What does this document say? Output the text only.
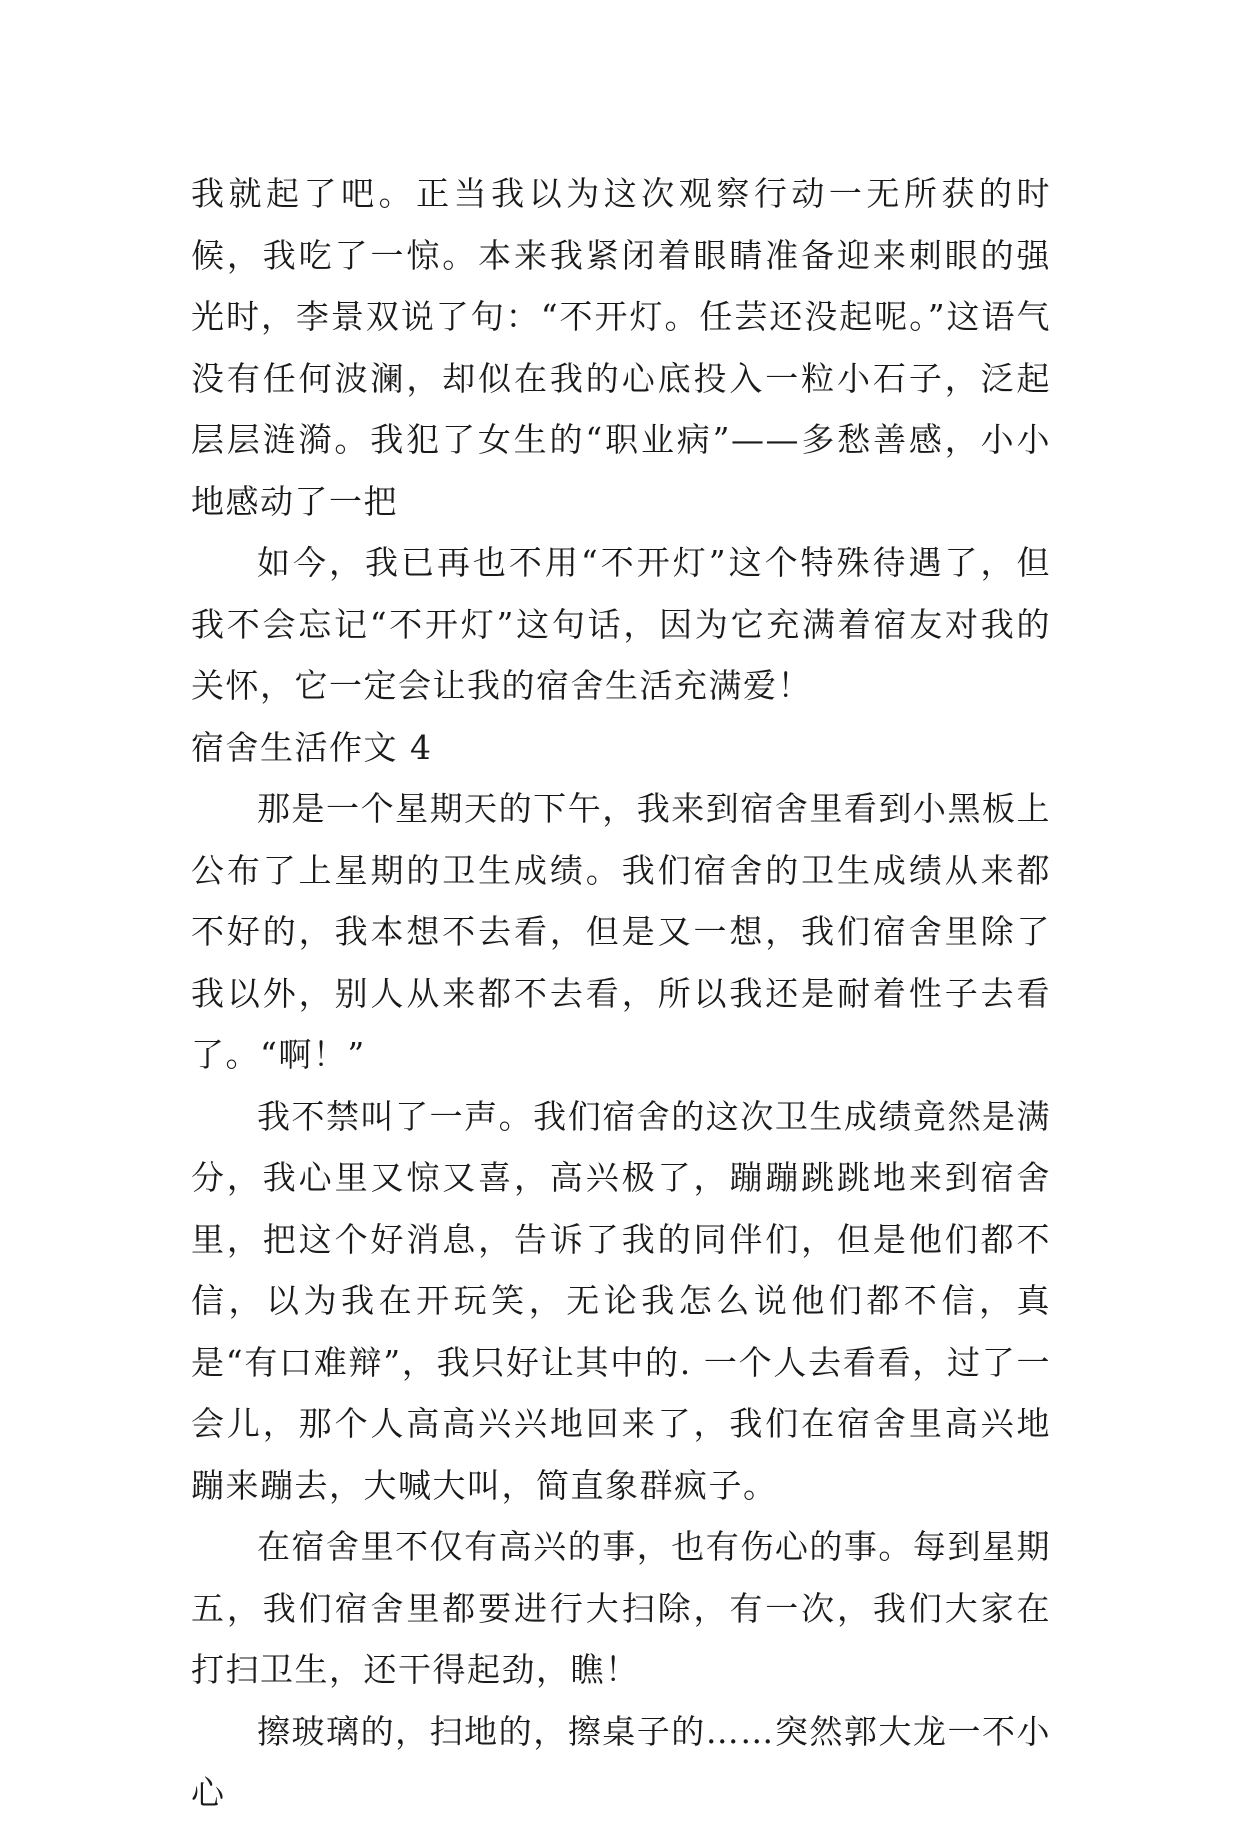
我就起了吧。正当我以为这次观察行动一无所获的时候，我吃了一惊。本来我紧闭着眼睛准备迎来刺眼的强光时，李景双说了句：“不开灯。任芸还没起呢。”这语气没有任何波澜，却似在我的心底投入一粒小石子，泛起层层涟漪。我犯了女生的“职业病”——多愁善感，小小地感动了一把

如今，我已再也不用“不开灯”这个特殊待遇了，但我不会忘记“不开灯”这句话，因为它充满着宿友对我的关怀，它一定会让我的宿舍生活充满爱！

宿舍生活作文 4

那是一个星期天的下午，我来到宿舍里看到小黑板上公布了上星期的卫生成绩。我们宿舍的卫生成绩从来都不好的，我本想不去看，但是又一想，我们宿舍里除了我以外，别人从来都不去看，所以我还是耐着性子去看了。“啊！”

我不禁叫了一声。我们宿舍的这次卫生成绩竟然是满分，我心里又惊又喜，高兴极了，蹦蹦跳跳地来到宿舍里，把这个好消息，告诉了我的同伴们，但是他们都不信，以为我在开玩笑，无论我怎么说他们都不信，真是“有口难辩”，我只好让其中的. 一个人去看看，过了一会儿，那个人高高兴兴地回来了，我们在宿舍里高兴地蹦来蹦去，大喊大叫，简直象群疯子。

在宿舍里不仅有高兴的事，也有伤心的事。每到星期五，我们宿舍里都要进行大扫除，有一次，我们大家在打扫卫生，还干得起劲，瞧！

擦玻璃的，扫地的，擦桌子的……突然郭大龙一不小心
